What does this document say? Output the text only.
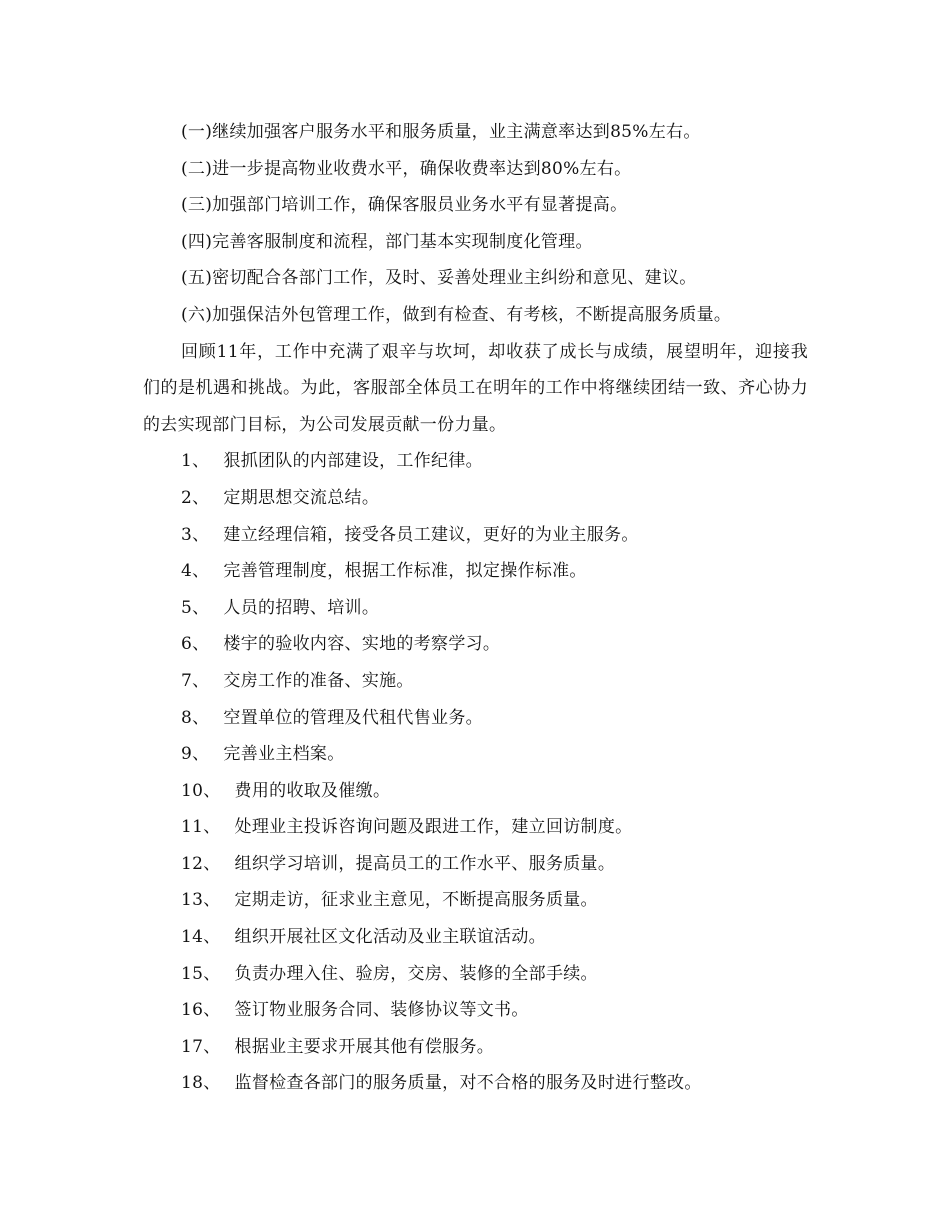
(一)继续加强客户服务水平和服务质量，业主满意率达到85%左右。
(二)进一步提高物业收费水平，确保收费率达到80%左右。
(三)加强部门培训工作，确保客服员业务水平有显著提高。
(四)完善客服制度和流程，部门基本实现制度化管理。
(五)密切配合各部门工作，及时、妥善处理业主纠纷和意见、建议。
(六)加强保洁外包管理工作，做到有检查、有考核，不断提高服务质量。
回顾11年，工作中充满了艰辛与坎坷，却收获了成长与成绩，展望明年，迎接我们的是机遇和挑战。为此，客服部全体员工在明年的工作中将继续团结一致、齐心协力的去实现部门目标，为公司发展贡献一份力量。
1、 狠抓团队的内部建设，工作纪律。
2、 定期思想交流总结。
3、 建立经理信箱，接受各员工建议，更好的为业主服务。
4、 完善管理制度，根据工作标准，拟定操作标准。
5、 人员的招聘、培训。
6、 楼宇的验收内容、实地的考察学习。
7、 交房工作的准备、实施。
8、 空置单位的管理及代租代售业务。
9、 完善业主档案。
10、 费用的收取及催缴。
11、 处理业主投诉咨询问题及跟进工作，建立回访制度。
12、 组织学习培训，提高员工的工作水平、服务质量。
13、 定期走访，征求业主意见，不断提高服务质量。
14、 组织开展社区文化活动及业主联谊活动。
15、 负责办理入住、验房，交房、装修的全部手续。
16、 签订物业服务合同、装修协议等文书。
17、 根据业主要求开展其他有偿服务。
18、 监督检查各部门的服务质量，对不合格的服务及时进行整改。
